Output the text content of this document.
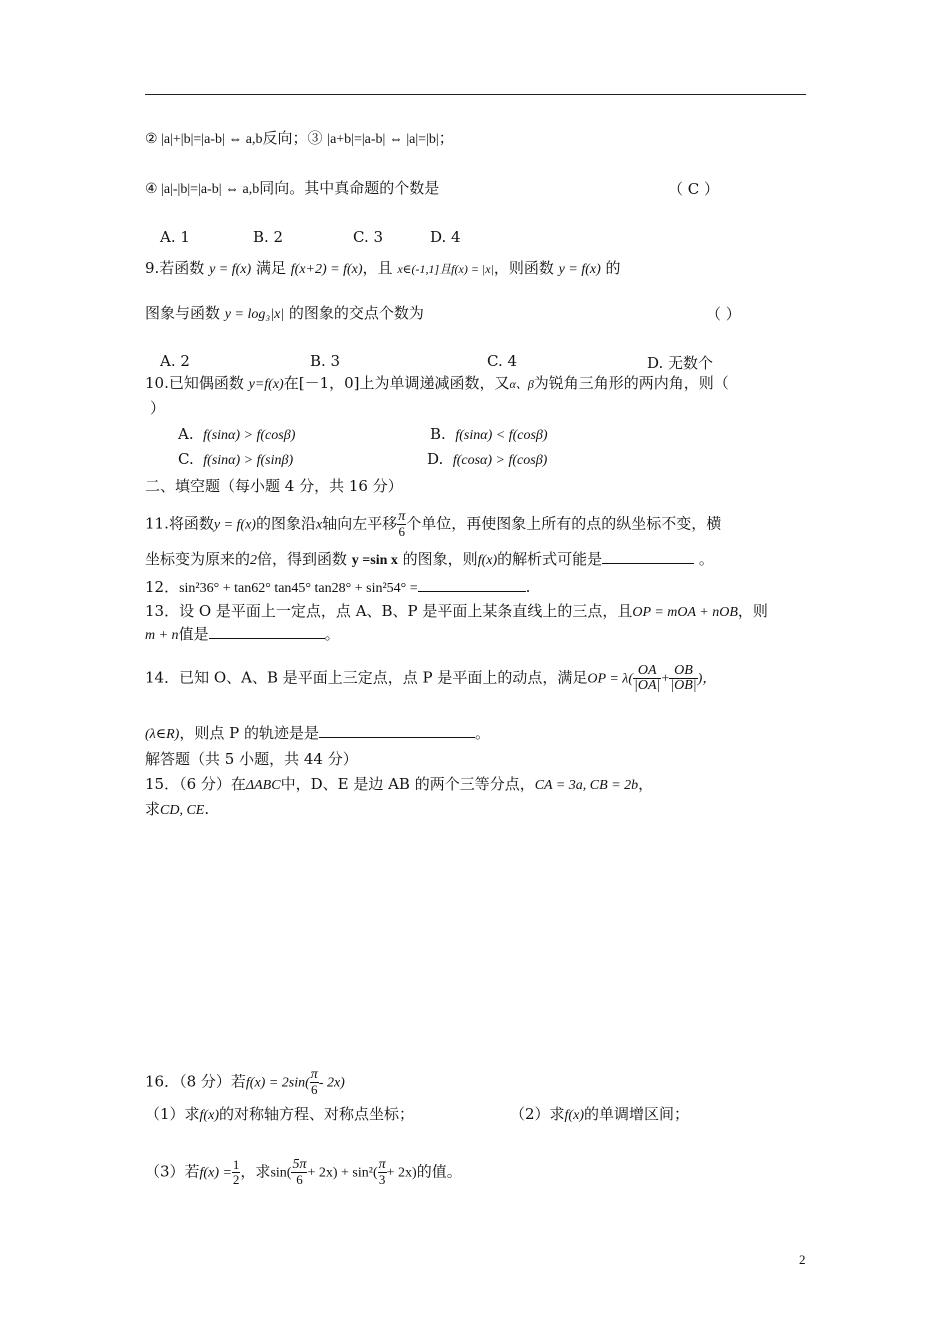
② |a|+|b|=|a-b| ⇔ a,b反向；③ |a+b|=|a-b| ⇔ |a|=|b|；
④ |a|-|b|=|a-b| ⇔ a,b同向。其中真命题的个数是	（ C ）
A. 1	B. 2	C. 3	D. 4
9.若函数 y = f(x) 满足 f(x+2) = f(x)，且 x∈(-1,1]且f(x) = |x|，则函数 y = f(x) 的
图象与函数 y = log₃|x| 的图象的交点个数为	（ ）
A. 2	B. 3	C. 4	D. 无数个
10.已知偶函数 y=f(x)在[－1，0]上为单调递减函数，又α、β为锐角三角形的两内角，则（
）
A. f(sinα) > f(cosβ)	B. f(sinα) < f(cosβ)
C. f(sinα) > f(sinβ)	D. f(cosα) > f(cosβ)
二、填空题（每小题 4 分，共 16 分）
11.将函数y = f(x)的图象沿x轴向左平移 $\frac{\pi}{6}$ 个单位，再使图象上所有的点的纵坐标不变，横
坐标变为原来的2倍，得到函数 y =sin x 的图象，则f(x)的解析式可能是	。
12．sin²36° + tan62° tan45° tan28° + sin²54° =	.
13．设 O 是平面上一定点，点 A、B、P 是平面上某条直线上的三点，且OP = mOA + nOB，则
m + n值是	。
14．已知 O、A、B 是平面上三定点，点 P 是平面上的动点，满足OP = $\lambda( \frac{OA}{|OA|} + \frac{OB}{|OB|}$ )，
(λ∈R)，则点 P 的轨迹是是	。
解答题（共 5 小题，共 44 分）
15．（6 分）在ΔABC中，D、E 是边 AB 的两个三等分点，CA = 3a, CB = 2b，
求CD, CE.
16．（8 分）若$f(x) = 2\sin( \frac{\pi}{6} - 2x)$
（1）求f(x)的对称轴方程、对称点坐标；	（2）求f(x)的单调增区间；
（3）若$f(x) = \frac{1}{2}$ ，求$\sin( \frac{5\pi}{6} + 2x) + \sin^2( \frac{\pi}{3} + 2x)$的值。
2
